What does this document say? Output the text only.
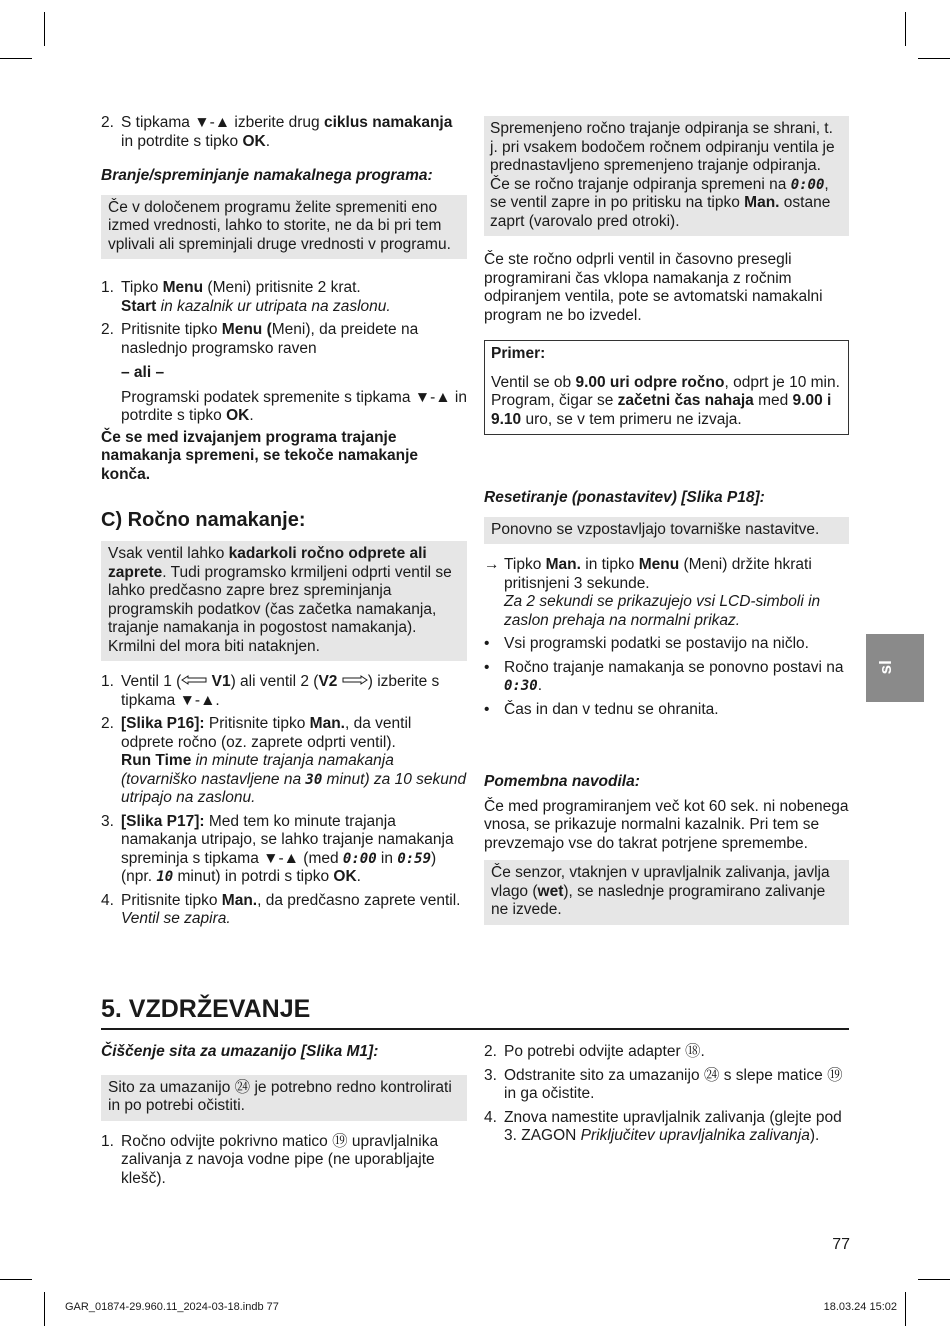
2. S tipkama ▼-▲ izberite drug ciklus namakanja
in potrdite s tipko OK.
Branje/spreminjanje namakalnega programa:
Če v določenem programu želite spremeniti eno izmed vrednosti, lahko to storite, ne da bi pri tem vplivali ali spreminjali druge vrednosti v programu.
1. Tipko Menu (Meni) pritisnite 2 krat.
Start in kazalnik ur utripata na zaslonu.
2. Pritisnite tipko Menu (Meni), da preidete na naslednjo programsko raven
– ali –
Programski podatek spremenite s tipkama ▼-▲ in potrdite s tipko OK.
Če se med izvajanjem programa trajanje namakanja spremeni, se tekoče namakanje konča.
C) Ročno namakanje:
Vsak ventil lahko kadarkoli ročno odprete ali zaprete. Tudi programsko krmiljeni odprti ventil se lahko predčasno zapre brez spreminjanja programskih podatkov (čas začetka namakanja, trajanje namakanja in pogostost namakanja). Krmilni del mora biti nataknjen.
1. Ventil 1 ( V1) ali ventil 2 (V2 ) izberite s tipkama ▼-▲.
2. [Slika P16]: Pritisnite tipko Man., da ventil odprete ročno (oz. zaprete odprti ventil).
Run Time in minute trajanja namakanja (tovarniško nastavljene na 30 minut) za 10 sekund utripajo na zaslonu.
3. [Slika P17]: Med tem ko minute trajanja namakanja utripajo, se lahko trajanje namakanja spreminja s tipkama ▼-▲ (med 0:00 in 0:59) (npr. 10 minut) in potrdi s tipko OK.
4. Pritisnite tipko Man., da predčasno zaprete ventil.
Ventil se zapira.
Spremenjeno ročno trajanje odpiranja se shrani, t. j. pri vsakem bodočem ročnem odpiranju ventila je prednastavljeno spremenjeno trajanje odpiranja. Če se ročno trajanje odpiranja spremeni na 0:00, se ventil zapre in po pritisku na tipko Man. ostane zaprt (varovalo pred otroki).
Če ste ročno odprli ventil in časovno presegli programirani čas vklopa namakanja z ročnim odpiranjem ventila, pote se avtomatski namakalni program ne bo izvedel.
Primer:
Ventil se ob 9.00 uri odpre ročno, odprt je 10 min. Program, čigar se začetni čas nahaja med 9.00 i 9.10 uro, se v tem primeru ne izvaja.
Resetiranje (ponastavitev) [Slika P18]:
Ponovno se vzpostavljajo tovarniške nastavitve.
→ Tipko Man. in tipko Menu (Meni) držite hkrati pritisnjeni 3 sekunde.
Za 2 sekundi se prikazujejo vsi LCD-simboli in zaslon prehaja na normalni prikaz.
• Vsi programski podatki se postavijo na ničlo.
• Ročno trajanje namakanja se ponovno postavi na 0:30.
• Čas in dan v tednu se ohranita.
Pomembna navodila:
Če med programiranjem več kot 60 sek. ni nobenega vnosa, se prikazuje normalni kazalnik. Pri tem se prevzemajo vse do takrat potrjene spremembe.
Če senzor, vtaknjen v upravljalnik zalivanja, javlja vlago (wet), se naslednje programirano zalivanje ne izvede.
5. VZDRŽEVANJE
Čiščenje sita za umazanijo [Slika M1]:
Sito za umazanijo ㉔ je potrebno redno kontrolirati in po potrebi očistiti.
1. Ročno odvijte pokrivno matico ⑲ upravljalnika zalivanja z navoja vodne pipe (ne uporabljajte klešč).
2. Po potrebi odvijte adapter ⑱.
3. Odstranite sito za umazanijo ㉔ s slepe matice ⑲ in ga očistite.
4. Znova namestite upravljalnik zalivanja (glejte pod 3. ZAGON Priključitev upravljalnika zalivanja).
sl
77
GAR_01874-29.960.11_2024-03-18.indb 77	18.03.24 15:02
